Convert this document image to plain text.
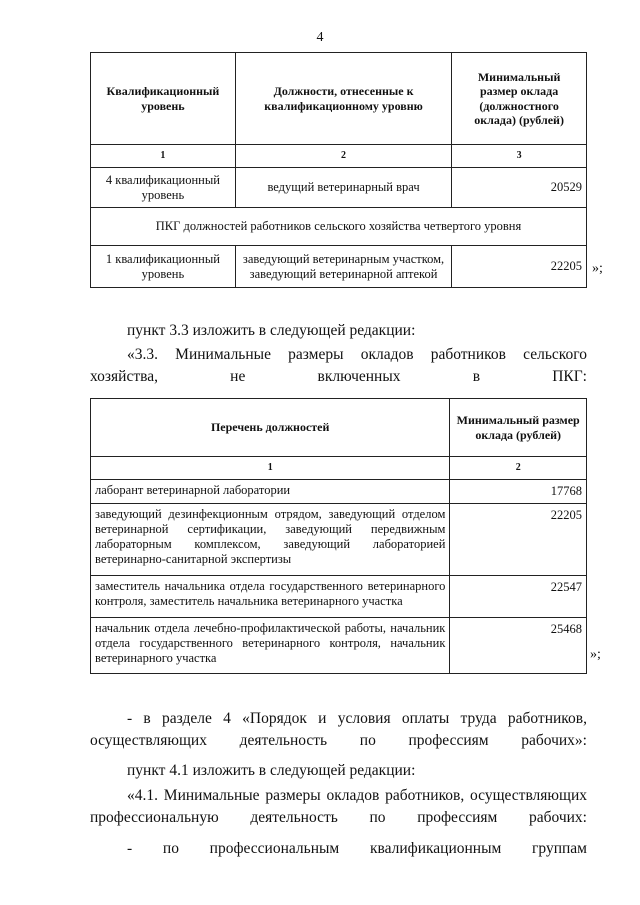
4
Квалификационный уровень	Должности, отнесенные к квалификационному уровню	Минимальный размер оклада (должностного оклада) (рублей)
1	2	3
4 квалификационный уровень	ведущий ветеринарный врач	20529
ПКГ должностей работников сельского хозяйства четвертого уровня		
1 квалификационный уровень	заведующий ветеринарным участком, заведующий ветеринарной аптекой	22205 »;
пункт 3.3 изложить в следующей редакции:
«3.3. Минимальные размеры окладов работников сельского хозяйства, не включенных в ПКГ:
Перечень должностей	Минимальный размер оклада (рублей)
1	2
лаборант ветеринарной лаборатории	17768
заведующий дезинфекционным отрядом, заведующий отделом ветеринарной сертификации, заведующий передвижным лабораторным комплексом, заведующий лабораторией ветеринарно-санитарной экспертизы	22205
заместитель начальника отдела государственного ветеринарного контроля, заместитель начальника ветеринарного участка	22547
начальник отдела лечебно-профилактической работы, начальник отдела государственного ветеринарного контроля, начальник ветеринарного участка	25468
»;
- в разделе 4 «Порядок и условия оплаты труда работников, осуществляющих деятельность по профессиям рабочих»:
пункт 4.1 изложить в следующей редакции:
«4.1. Минимальные размеры окладов работников, осуществляющих профессиональную деятельность по профессиям рабочих:
- по профессиональным квалификационным группам
